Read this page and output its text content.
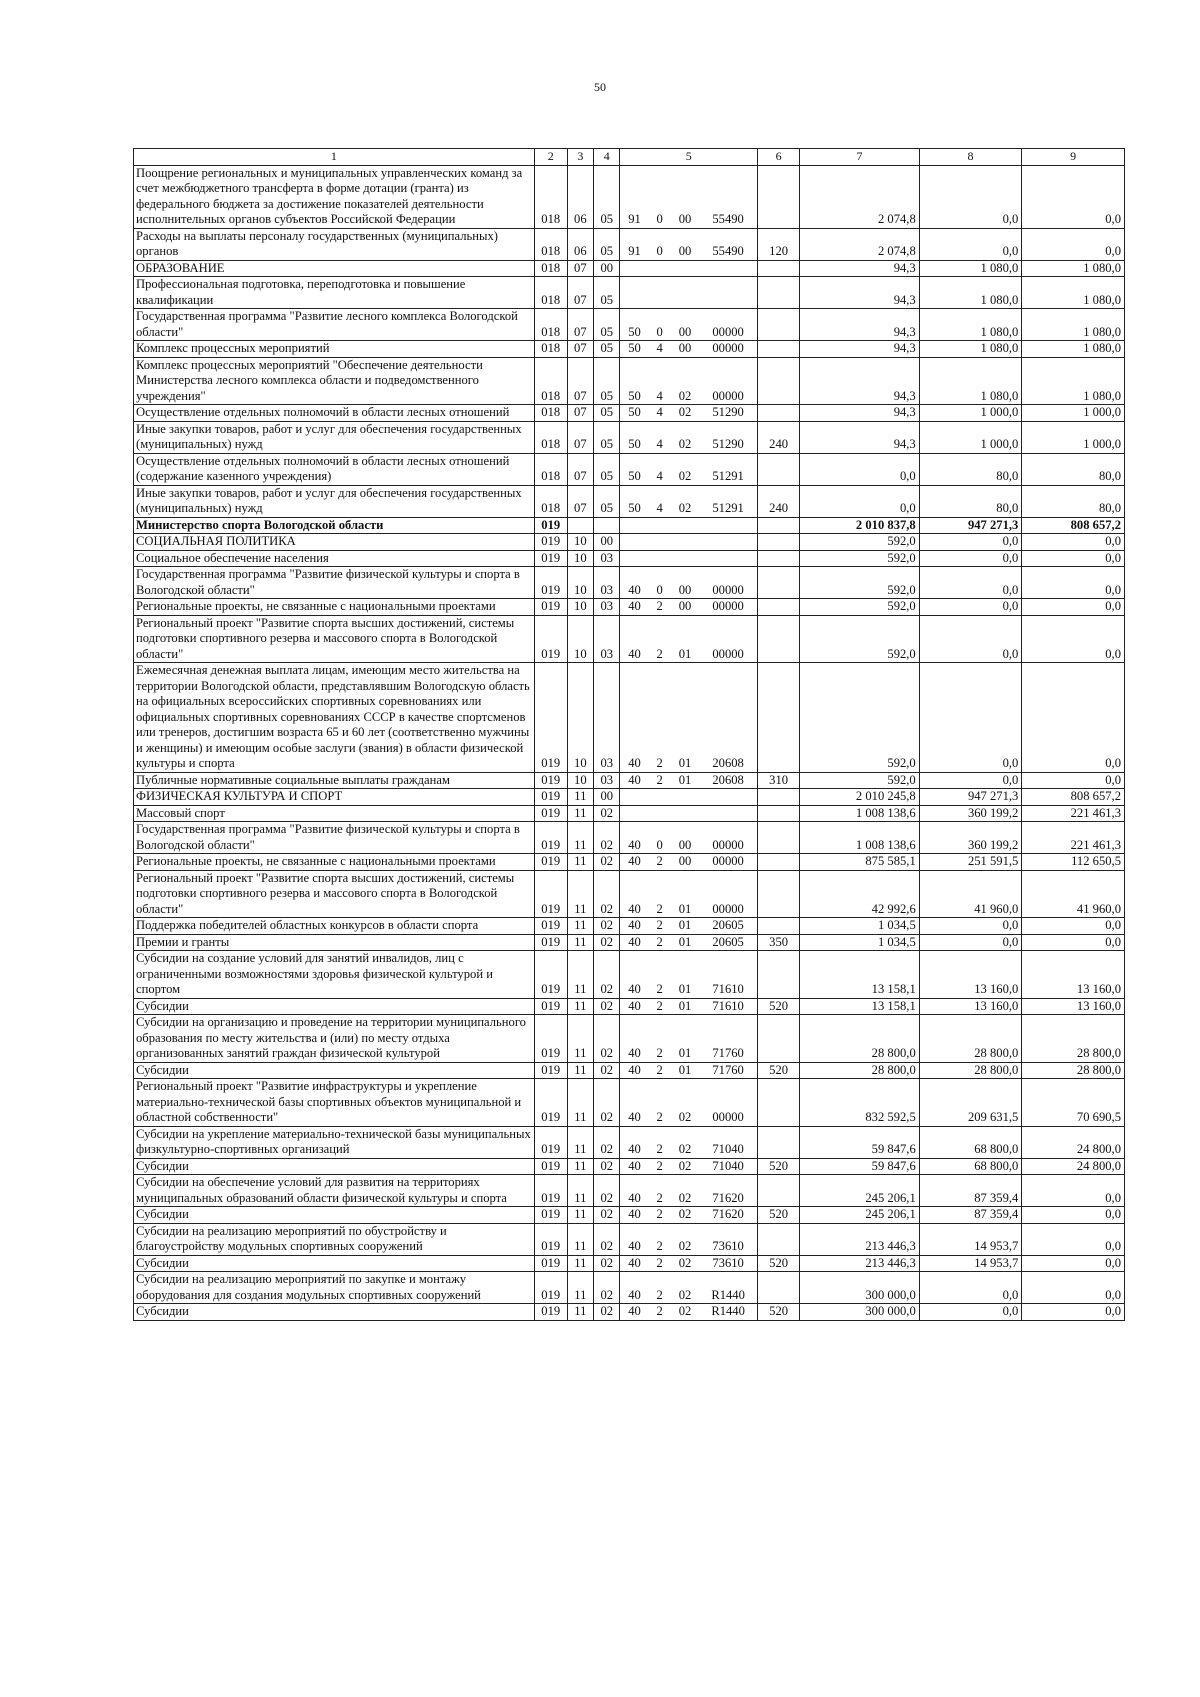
50
1	2	3	4	5				6	7	8	9
Поощрение региональных и муниципальных управленческих команд за счет межбюджетного трансферта в форме дотации (гранта) из федерального бюджета за достижение показателей деятельности исполнительных органов субъектов Российской Федерации	018	06	05	91	0	00	55490		2 074,8	0,0	0,0
Расходы на выплаты персоналу государственных (муниципальных) органов	018	06	05	91	0	00	55490	120	2 074,8	0,0	0,0
ОБРАЗОВАНИЕ	018	07	00						94,3	1 080,0	1 080,0
Профессиональная подготовка, переподготовка и повышение квалификации	018	07	05						94,3	1 080,0	1 080,0
Государственная программа "Развитие лесного комплекса Вологодской области"	018	07	05	50	0	00	00000		94,3	1 080,0	1 080,0
Комплекс процессных мероприятий	018	07	05	50	4	00	00000		94,3	1 080,0	1 080,0
Комплекс процессных мероприятий "Обеспечение деятельности Министерства лесного комплекса области и подведомственного учреждения"	018	07	05	50	4	02	00000		94,3	1 080,0	1 080,0
Осуществление отдельных полномочий в области лесных отношений	018	07	05	50	4	02	51290		94,3	1 000,0	1 000,0
Иные закупки товаров, работ и услуг для обеспечения государственных (муниципальных) нужд	018	07	05	50	4	02	51290	240	94,3	1 000,0	1 000,0
Осуществление отдельных полномочий в области лесных отношений (содержание казенного учреждения)	018	07	05	50	4	02	51291		0,0	80,0	80,0
Иные закупки товаров, работ и услуг для обеспечения государственных (муниципальных) нужд	018	07	05	50	4	02	51291	240	0,0	80,0	80,0
Министерство спорта Вологодской области	019								2 010 837,8	947 271,3	808 657,2
СОЦИАЛЬНАЯ ПОЛИТИКА	019	10	00						592,0	0,0	0,0
Социальное обеспечение населения	019	10	03						592,0	0,0	0,0
Государственная программа "Развитие физической культуры и спорта в Вологодской области"	019	10	03	40	0	00	00000		592,0	0,0	0,0
Региональные проекты, не связанные с национальными проектами	019	10	03	40	2	00	00000		592,0	0,0	0,0
Региональный проект "Развитие спорта высших достижений, системы подготовки спортивного резерва и массового спорта в Вологодской области"	019	10	03	40	2	01	00000		592,0	0,0	0,0
Ежемесячная денежная выплата лицам, имеющим место жительства на территории Вологодской области, представлявшим Вологодскую область на официальных всероссийских спортивных соревнованиях или официальных спортивных соревнованиях СССР в качестве спортсменов или тренеров, достигшим возраста 65 и 60 лет (соответственно мужчины и женщины) и имеющим особые заслуги (звания) в области физической культуры и спорта	019	10	03	40	2	01	20608		592,0	0,0	0,0
Публичные нормативные социальные выплаты гражданам	019	10	03	40	2	01	20608	310	592,0	0,0	0,0
ФИЗИЧЕСКАЯ КУЛЬТУРА И СПОРТ	019	11	00						2 010 245,8	947 271,3	808 657,2
Массовый спорт	019	11	02						1 008 138,6	360 199,2	221 461,3
Государственная программа "Развитие физической культуры и спорта в Вологодской области"	019	11	02	40	0	00	00000		1 008 138,6	360 199,2	221 461,3
Региональные проекты, не связанные с национальными проектами	019	11	02	40	2	00	00000		875 585,1	251 591,5	112 650,5
Региональный проект "Развитие спорта высших достижений, системы подготовки спортивного резерва и массового спорта в Вологодской области"	019	11	02	40	2	01	00000		42 992,6	41 960,0	41 960,0
Поддержка победителей областных конкурсов в области спорта	019	11	02	40	2	01	20605		1 034,5	0,0	0,0
Премии и гранты	019	11	02	40	2	01	20605	350	1 034,5	0,0	0,0
Субсидии на создание условий для занятий инвалидов, лиц с ограниченными возможностями здоровья физической культурой и спортом	019	11	02	40	2	01	71610		13 158,1	13 160,0	13 160,0
Субсидии	019	11	02	40	2	01	71610	520	13 158,1	13 160,0	13 160,0
Субсидии на организацию и проведение на территории муниципального образования по месту жительства и (или) по месту отдыха организованных занятий граждан физической культурой	019	11	02	40	2	01	71760		28 800,0	28 800,0	28 800,0
Субсидии	019	11	02	40	2	01	71760	520	28 800,0	28 800,0	28 800,0
Региональный проект "Развитие инфраструктуры и укрепление материально-технической базы спортивных объектов муниципальной и областной собственности"	019	11	02	40	2	02	00000		832 592,5	209 631,5	70 690,5
Субсидии на укрепление материально-технической базы муниципальных физкультурно-спортивных организаций	019	11	02	40	2	02	71040		59 847,6	68 800,0	24 800,0
Субсидии	019	11	02	40	2	02	71040	520	59 847,6	68 800,0	24 800,0
Субсидии на обеспечение условий для развития на территориях муниципальных образований области физической культуры и спорта	019	11	02	40	2	02	71620		245 206,1	87 359,4	0,0
Субсидии	019	11	02	40	2	02	71620	520	245 206,1	87 359,4	0,0
Субсидии на реализацию мероприятий по обустройству и благоустройству модульных спортивных сооружений	019	11	02	40	2	02	73610		213 446,3	14 953,7	0,0
Субсидии	019	11	02	40	2	02	73610	520	213 446,3	14 953,7	0,0
Субсидии на реализацию мероприятий по закупке и монтажу оборудования для создания модульных спортивных сооружений	019	11	02	40	2	02	R1440		300 000,0	0,0	0,0
Субсидии	019	11	02	40	2	02	R1440	520	300 000,0	0,0	0,0
